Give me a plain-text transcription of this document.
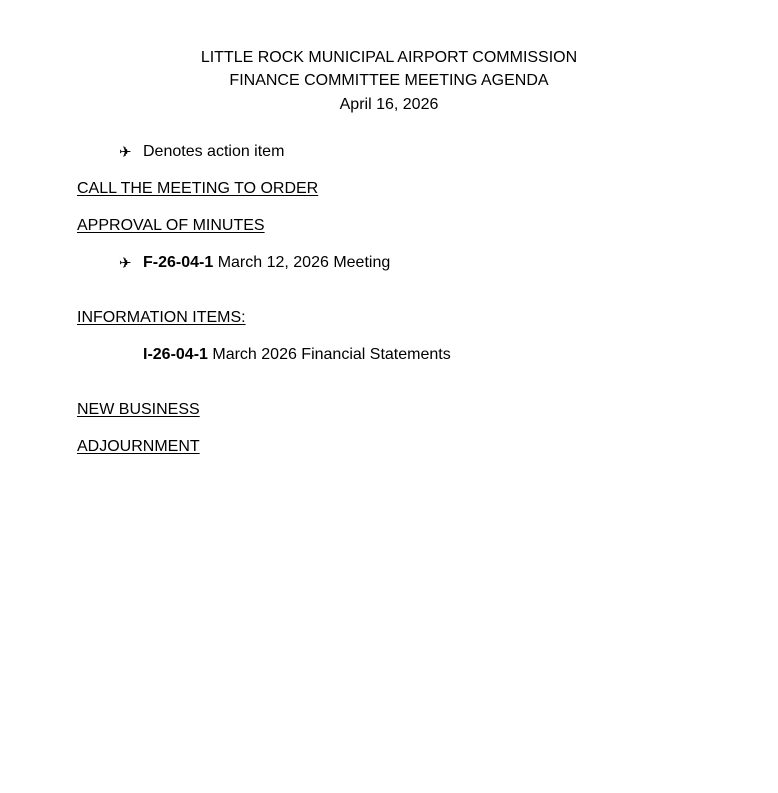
LITTLE ROCK MUNICIPAL AIRPORT COMMISSION
FINANCE COMMITTEE MEETING AGENDA
April 16, 2026
✈ Denotes action item
CALL THE MEETING TO ORDER
APPROVAL OF MINUTES
✈ F-26-04-1 March 12, 2026 Meeting
INFORMATION ITEMS:
I-26-04-1 March 2026 Financial Statements
NEW BUSINESS
ADJOURNMENT
